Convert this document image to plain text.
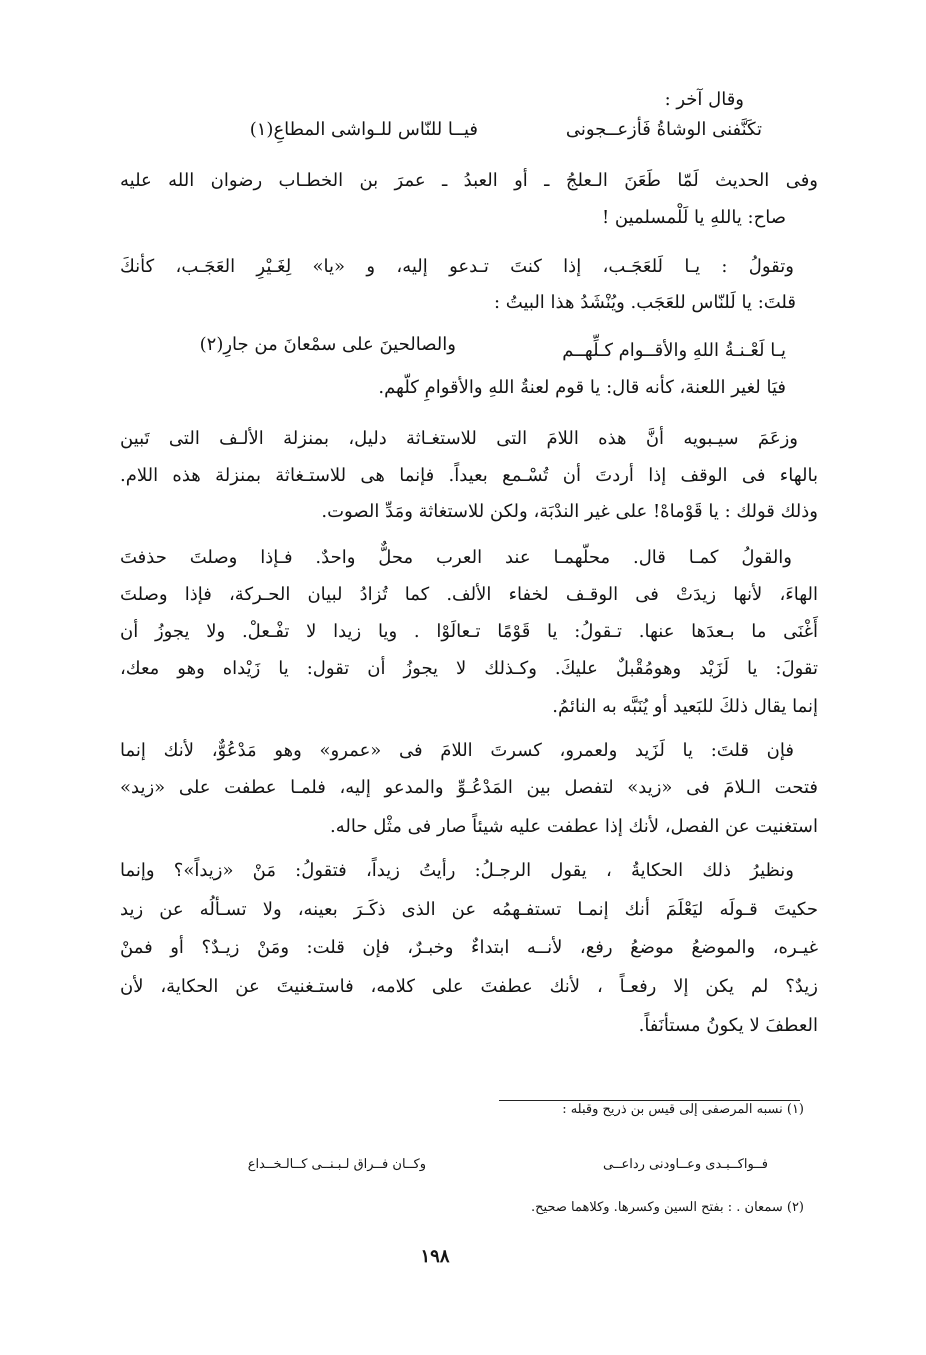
وقال آخر :
تكَنَّفنى الوشاةُ فَأزعــجونى
فيــا للنّاس للـواشى المطاعِ(١)
وفى الحديث لَمّا طَعَنَ الـعلجُ ـ أو العبدُ ـ عمرَ بن الخطـاب رضوان الله عليه
صاح: ياللهِ يا لَلْمسلمين !
وتقولُ : يـا لَلعَجَـب، إذا كنتَ تـدعو إليه، و «يا» لِغَـيْرِ العَجَـب، كأنكَ
قلتَ: يا لَلنّاس للعَجَب. ويُنْشَدُ هذا البيتُ :
يـا لَعْـنـةُ اللهِ والأقــوام كـلِّهــم
والصالحينَ على سمْعانَ من جارِ(٢)
فيَا لغير اللعنة، كأنه قال: يا قوم لعنةُ اللهِ والأقوامِ كلّهم.
وزعَمَ سيـبويه أنَّ هذه اللامَ التى للاستغـاثة دليل، بمنزلة الألـف التى تَبين
بالهاء فى الوقف إذا أردتَ أن تُسْـمع بعيداً. فإنما هى للاستـغاثة بمنزلة هذه اللام.
وذلك قولك : يا قَوْماهْ! على غير الندْبَة، ولكن للاستغاثة ومَدِّ الصوت.
والقولُ كمـا قال. محلّهمـا عند العرب محلٌّ واحدٌ. فـإذا وصلتَ حذفتَ
الهاءَ، لأنها زيدَتْ فى الوقـف لخفاء الألف. كما تُزادُ لبيان الحـركة، فإذا وصلتَ
أَغْنَى ما بـعدَها عنها. تـقولُ: يا قَوْمًا تـعالَوْا . ويا زيدا لا تفْـعلْ. ولا يجوزُ أن
تقولَ: يا لَزَيْد وهومُقْبلٌ عليكَ. وكـذلك لا يجوزُ أن تقول: يا زَيْداه وهو معك،
إنما يقال ذلكَ للبَعيد أو يُنَبَّه به النائمُ.
فإن قلتَ: يا لَزَيد ولعمرو، كسرتَ اللامَ فى «عمرو» وهو مَدْعُوٌّ، لأنك إنما
فتحت الـلامَ فى «زيد» لتفصل بين المَدْعُـوِّ والمدعو إليه، فلمـا عطفت على «زيد»
استغنيت عن الفصل، لأنك إذا عطفت عليه شيئاً صار فى مثْل حاله.
ونظيرُ ذلك الحكايةُ ، يقول الرجـلُ: رأيتُ زيداً، فتقولُ: مَنْ «زيداً»؟ وإنما
حكيتَ قـولَه ليَعْلَمَ أنك إنمـا تستفـهمُه عن الذى ذكَـرَ بعينه، ولا تسـألُه عن زيد
غيـره، والموضعُ موضعُ رفع، لأنــه ابتداءٌ وخبـرٌ، فإن قلت: ومَنْ زيـدٌ؟ أو فمنْ
زيدٌ؟ لم يكن إلا رفعـاً ، لأنك عطفتَ على كلامه، فاستـغنيتَ عن الحكاية، لأن
العطفَ لا يكونُ مستأنَفاً.
(١) نسبه المرصفى إلى قيس بن ذريح وقبله :
فــواكــبـدى وعــاودنى رداعــى
وكــان فــراق لـبـنــى كــالـخــداع
(٢) سمعان . : بفتح السين وكسرها. وكلاهما صحيح.
١٩٨
